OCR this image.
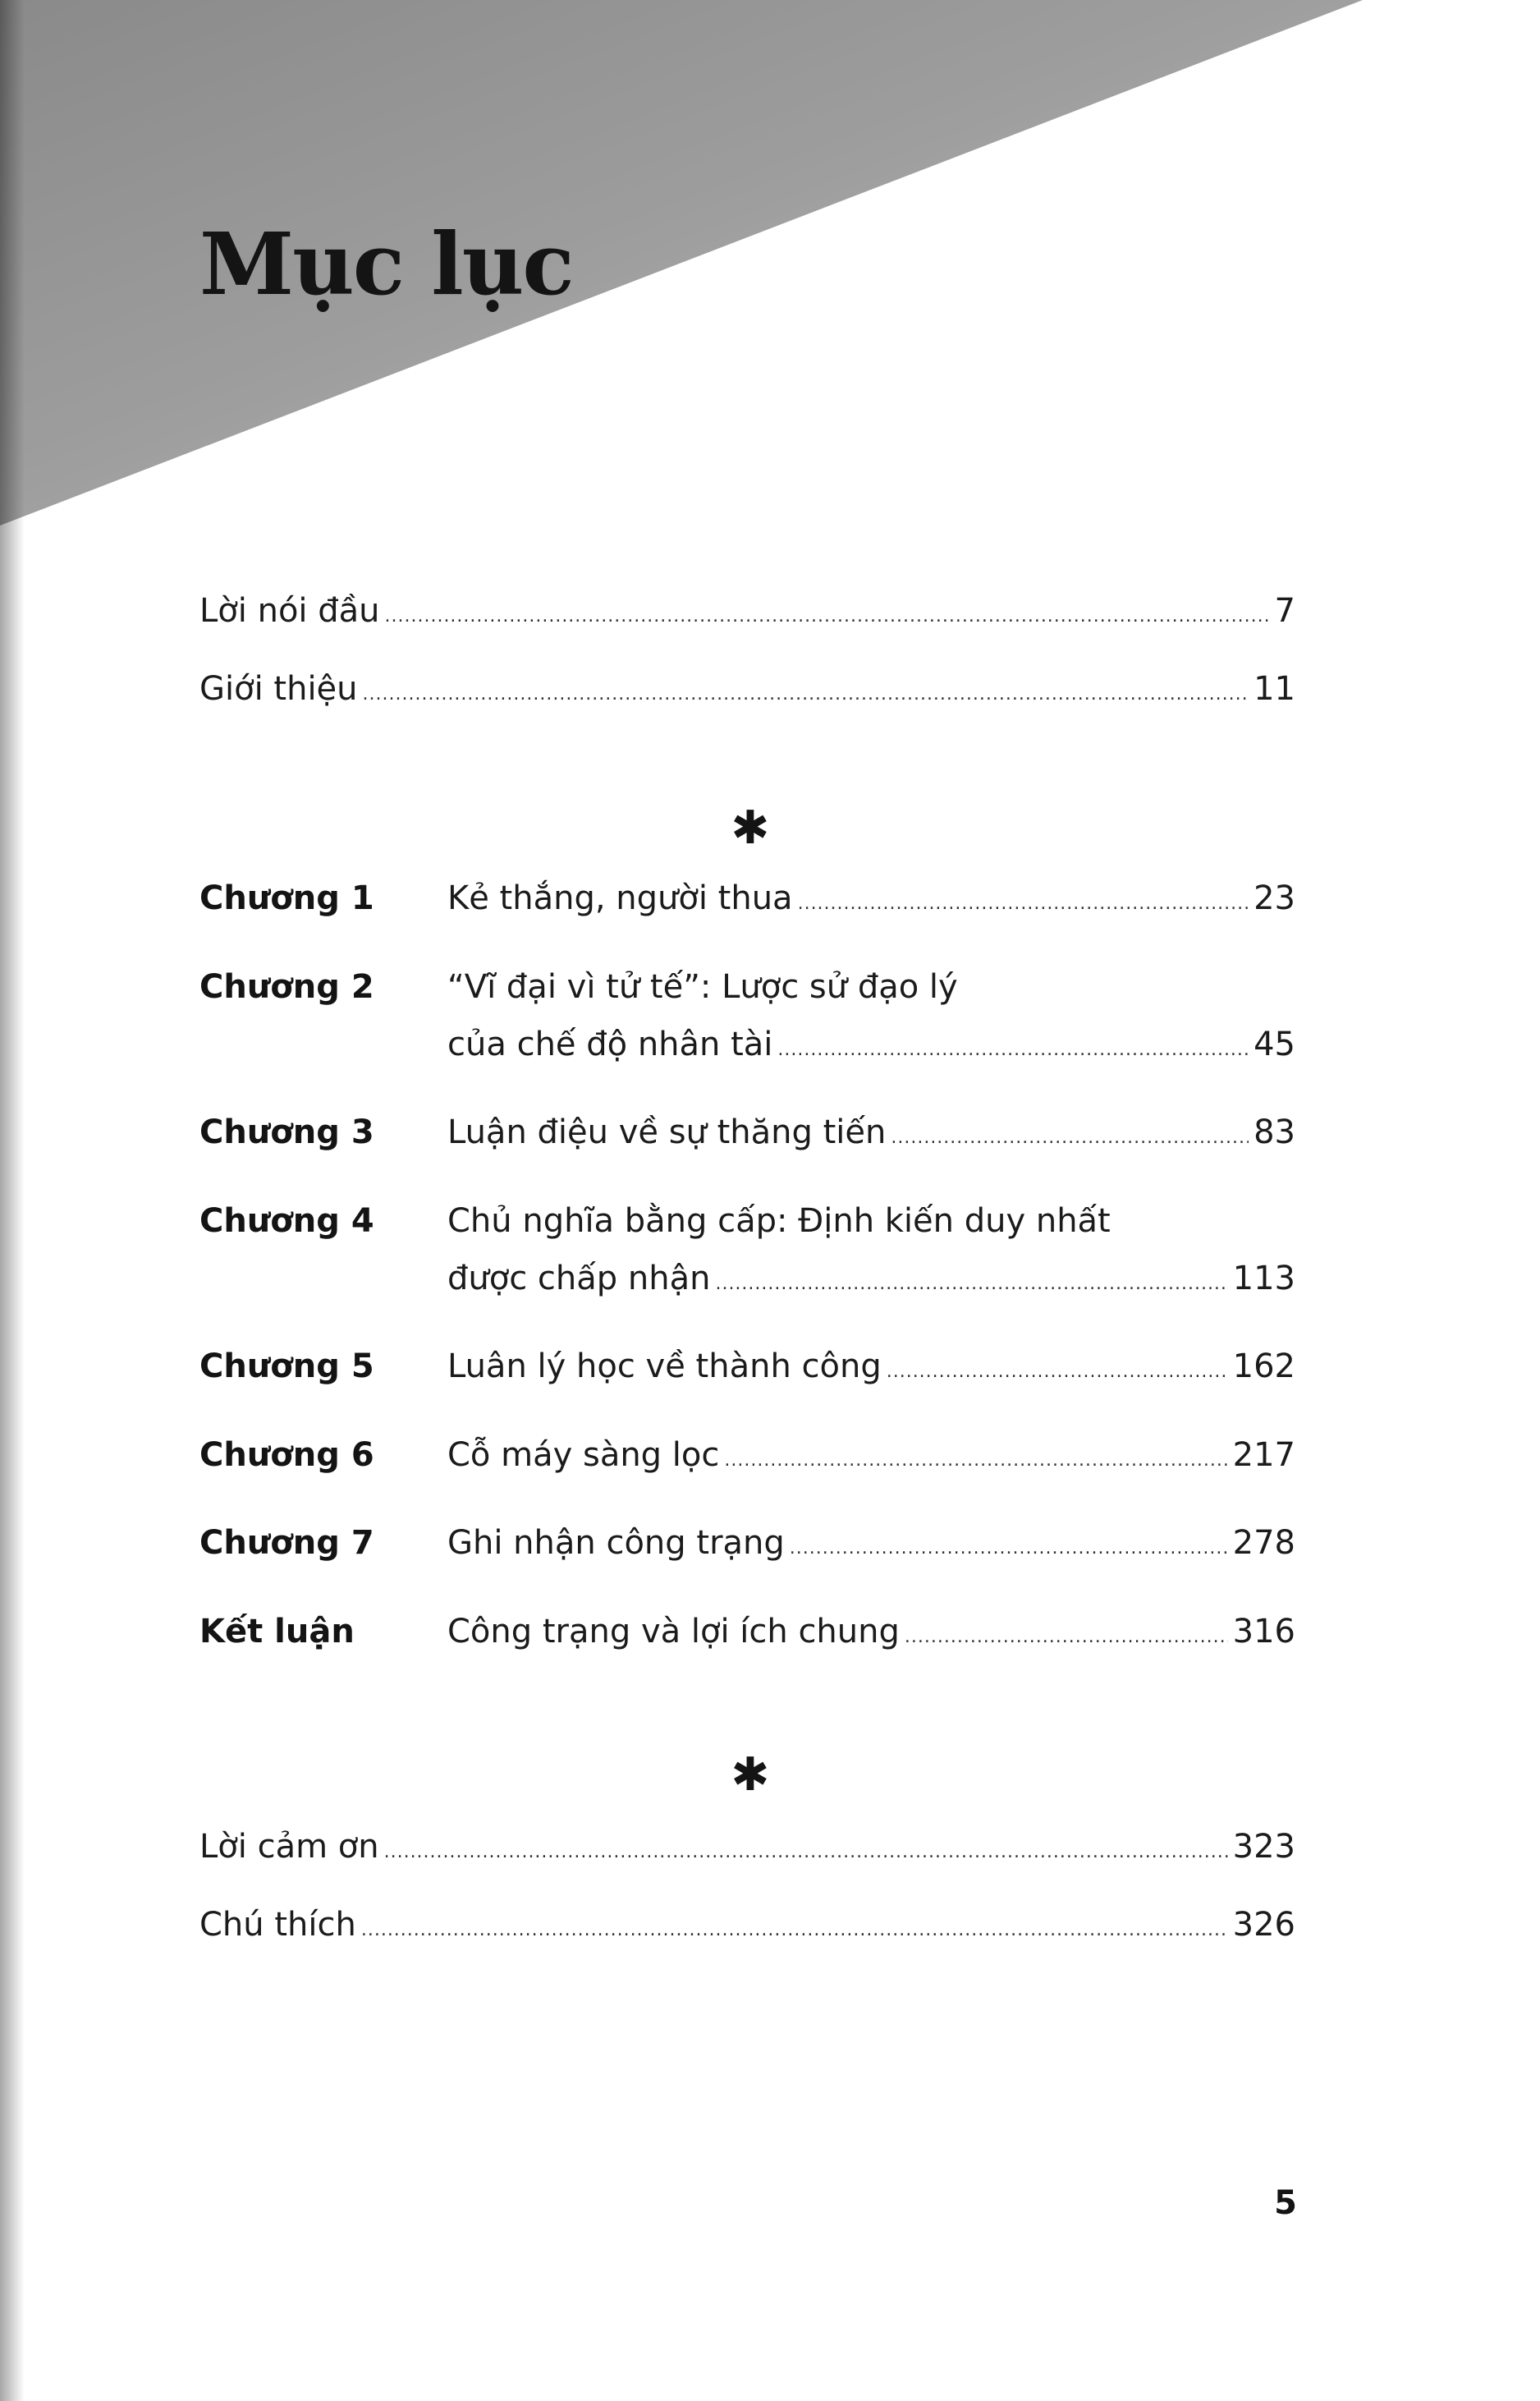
Mục lục
Lời nói đầu .....	7
Giới thiệu .....	11
✱
Chương 1 Kẻ thắng, người thua .....	23
Chương 2 “Vĩ đại vì tử tế”: Lược sử đạo lý
của chế độ nhân tài .....	45
Chương 3 Luận điệu về sự thăng tiến .....	83
Chương 4 Chủ nghĩa bằng cấp: Định kiến duy nhất
được chấp nhận .....	113
Chương 5 Luân lý học về thành công .....	162
Chương 6 Cỗ máy sàng lọc .....	217
Chương 7 Ghi nhận công trạng .....	278
Kết luận	Công trạng và lợi ích chung .....	316
✱
Lời cảm ơn .....	323
Chú thích .....	326
5
